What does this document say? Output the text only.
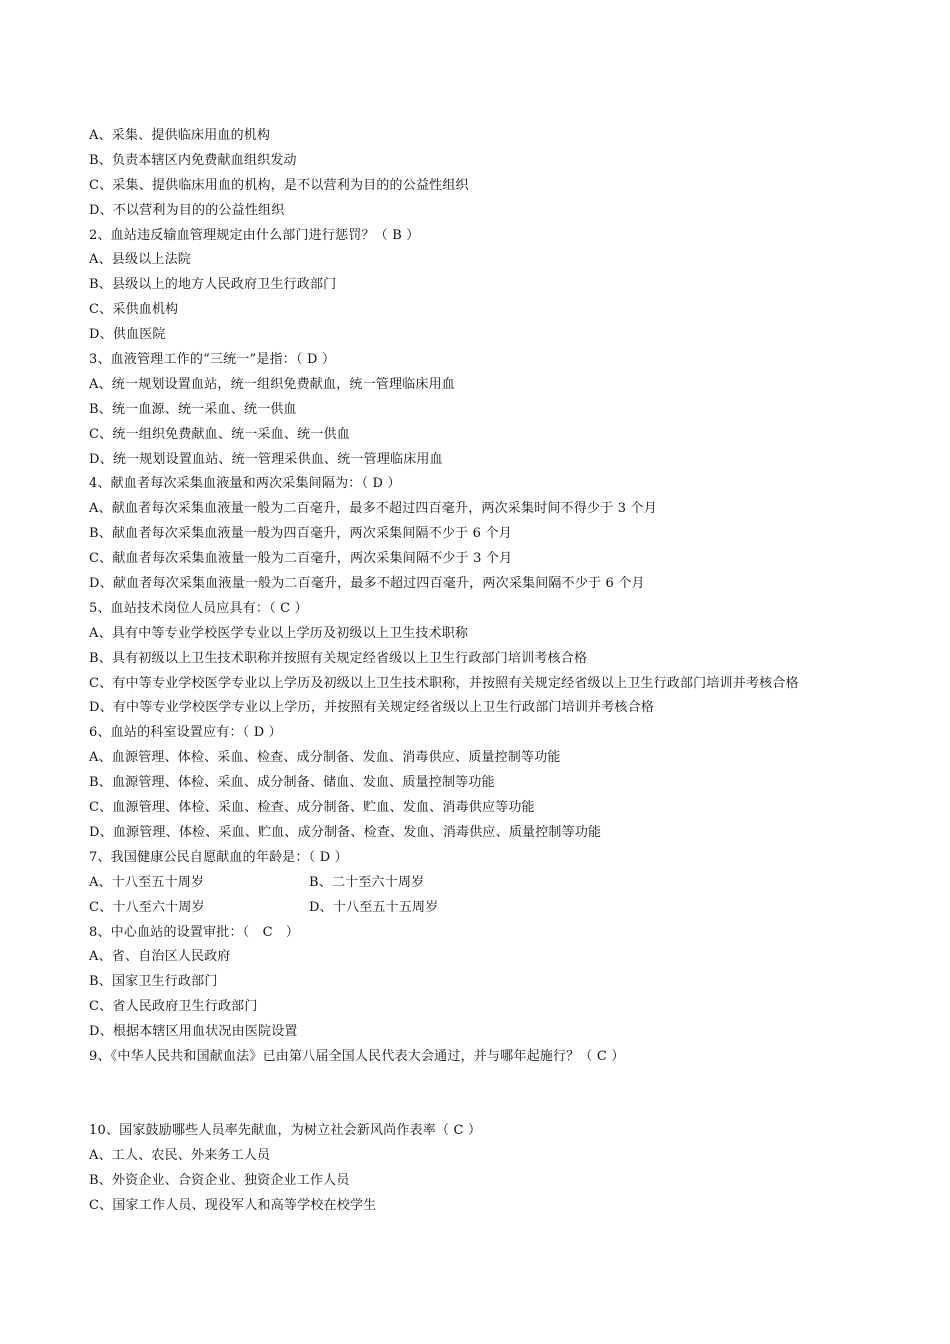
A、采集、提供临床用血的机构
B、负责本辖区内免费献血组织发动
C、采集、提供临床用血的机构，是不以营利为目的的公益性组织
D、不以营利为目的的公益性组织
2、血站违反输血管理规定由什么部门进行惩罚？（ B ）
A、县级以上法院
B、县级以上的地方人民政府卫生行政部门
C、采供血机构
D、供血医院
3、血液管理工作的“三统一”是指：（ D ）
A、统一规划设置血站，统一组织免费献血，统一管理临床用血
B、统一血源、统一采血、统一供血
C、统一组织免费献血、统一采血、统一供血
D、统一规划设置血站、统一管理采供血、统一管理临床用血
4、献血者每次采集血液量和两次采集间隔为：（ D ）
A、献血者每次采集血液量一般为二百毫升，最多不超过四百毫升，两次采集时间不得少于 3 个月
B、献血者每次采集血液量一般为四百毫升，两次采集间隔不少于 6 个月
C、献血者每次采集血液量一般为二百毫升，两次采集间隔不少于 3 个月
D、献血者每次采集血液量一般为二百毫升，最多不超过四百毫升，两次采集间隔不少于 6 个月
5、血站技术岗位人员应具有：（ C ）
A、具有中等专业学校医学专业以上学历及初级以上卫生技术职称
B、具有初级以上卫生技术职称并按照有关规定经省级以上卫生行政部门培训考核合格
C、有中等专业学校医学专业以上学历及初级以上卫生技术职称，并按照有关规定经省级以上卫生行政部门培训并考核合格
D、有中等专业学校医学专业以上学历，并按照有关规定经省级以上卫生行政部门培训并考核合格
6、血站的科室设置应有：（ D ）
A、血源管理、体检、采血、检查、成分制备、发血、消毒供应、质量控制等功能
B、血源管理、体检、采血、成分制备、储血、发血、质量控制等功能
C、血源管理、体检、采血、检查、成分制备、贮血、发血、消毒供应等功能
D、血源管理、体检、采血、贮血、成分制备、检查、发血、消毒供应、质量控制等功能
7、我国健康公民自愿献血的年龄是：（ D ）
A、十八至五十周岁	B、二十至六十周岁
C、十八至六十周岁	D、十八至五十五周岁
8、中心血站的设置审批：（　C　）
A、省、自治区人民政府
B、国家卫生行政部门
C、省人民政府卫生行政部门
D、根据本辖区用血状况由医院设置
9、《中华人民共和国献血法》已由第八届全国人民代表大会通过，并与哪年起施行？（ C ）
10、国家鼓励哪些人员率先献血，为树立社会新风尚作表率（ C ）
A、工人、农民、外来务工人员
B、外资企业、合资企业、独资企业工作人员
C、国家工作人员、现役军人和高等学校在校学生
